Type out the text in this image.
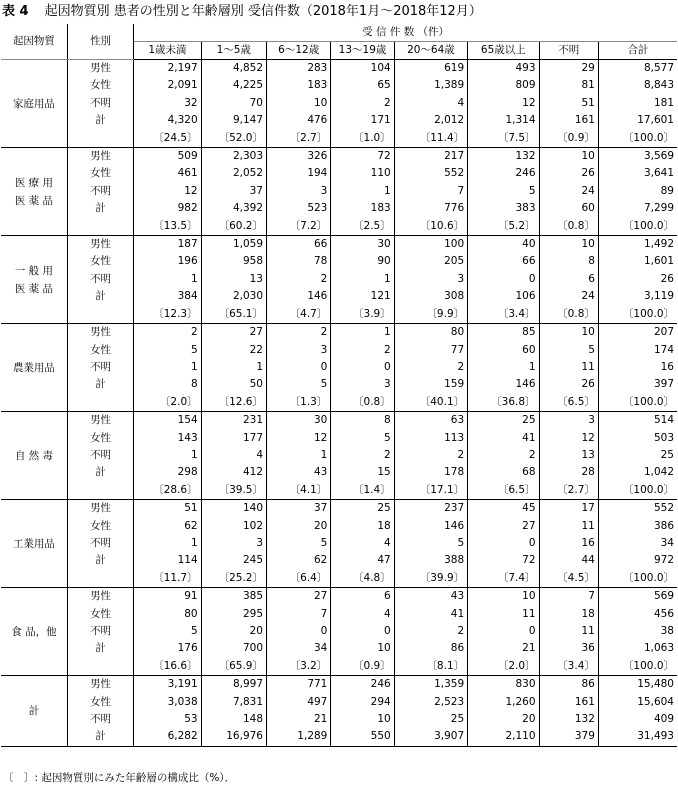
表 4 起因物質別 患者の性別と年齢層別 受信件数（2018年1月～2018年12月）
起因物質	性別	受 信 件 数 （件）							
		1歳未満	1～5歳	6～12歳	13～19歳	20～64歳	65歳以上	不明	合計
家庭用品	男性	2,197	4,852	283	104	619	493	29	8,577
	女性	2,091	4,225	183	65	1,389	809	81	8,843
	不明	32	70	10	2	4	12	51	181
	計	4,320	9,147	476	171	2,012	1,314	161	17,601
		〔24.5〕	〔52.0〕	〔2.7〕	〔1.0〕	〔11.4〕	〔7.5〕	〔0.9〕	〔100.0〕
医 療 用
医 薬 品	男性	509	2,303	326	72	217	132	10	3,569
	女性	461	2,052	194	110	552	246	26	3,641
	不明	12	37	3	1	7	5	24	89
	計	982	4,392	523	183	776	383	60	7,299
		〔13.5〕	〔60.2〕	〔7.2〕	〔2.5〕	〔10.6〕	〔5.2〕	〔0.8〕	〔100.0〕
一 般 用
医 薬 品	男性	187	1,059	66	30	100	40	10	1,492
	女性	196	958	78	90	205	66	8	1,601
	不明	1	13	2	1	3	0	6	26
	計	384	2,030	146	121	308	106	24	3,119
		〔12.3〕	〔65.1〕	〔4.7〕	〔3.9〕	〔9.9〕	〔3.4〕	〔0.8〕	〔100.0〕
農業用品	男性	2	27	2	1	80	85	10	207
	女性	5	22	3	2	77	60	5	174
	不明	1	1	0	0	2	1	11	16
	計	8	50	5	3	159	146	26	397
		〔2.0〕	〔12.6〕	〔1.3〕	〔0.8〕	〔40.1〕	〔36.8〕	〔6.5〕	〔100.0〕
自 然 毒	男性	154	231	30	8	63	25	3	514
	女性	143	177	12	5	113	41	12	503
	不明	1	4	1	2	2	2	13	25
	計	298	412	43	15	178	68	28	1,042
		〔28.6〕	〔39.5〕	〔4.1〕	〔1.4〕	〔17.1〕	〔6.5〕	〔2.7〕	〔100.0〕
工業用品	男性	51	140	37	25	237	45	17	552
	女性	62	102	20	18	146	27	11	386
	不明	1	3	5	4	5	0	16	34
	計	114	245	62	47	388	72	44	972
		〔11.7〕	〔25.2〕	〔6.4〕	〔4.8〕	〔39.9〕	〔7.4〕	〔4.5〕	〔100.0〕
食 品，他	男性	91	385	27	6	43	10	7	569
	女性	80	295	7	4	41	11	18	456
	不明	5	20	0	0	2	0	11	38
	計	176	700	34	10	86	21	36	1,063
		〔16.6〕	〔65.9〕	〔3.2〕	〔0.9〕	〔8.1〕	〔2.0〕	〔3.4〕	〔100.0〕
計	男性	3,191	8,997	771	246	1,359	830	86	15,480
	女性	3,038	7,831	497	294	2,523	1,260	161	15,604
	不明	53	148	21	10	25	20	132	409
	計	6,282	16,976	1,289	550	3,907	2,110	379	31,493
〔　〕: 起因物質別にみた年齢層の構成比（%）．
